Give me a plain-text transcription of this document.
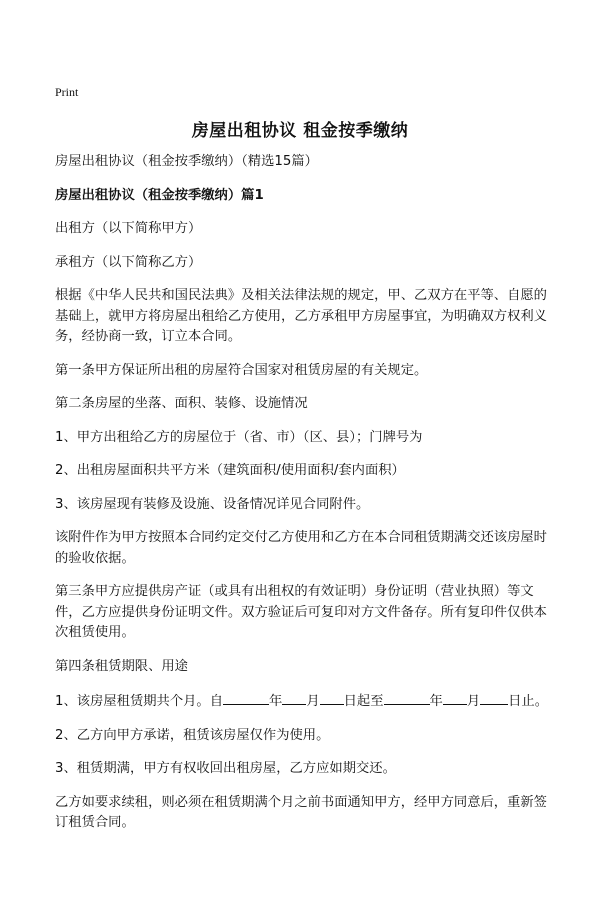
Print
房屋出租协议 租金按季缴纳

房屋出租协议（租金按季缴纳）（精选15篇）

房屋出租协议（租金按季缴纳）篇1

出租方（以下简称甲方）

承租方（以下简称乙方）

根据《中华人民共和国民法典》及相关法律法规的规定，甲、乙双方在平等、自愿的基础上，就甲方将房屋出租给乙方使用，乙方承租甲方房屋事宜，为明确双方权利义务，经协商一致，订立本合同。

第一条甲方保证所出租的房屋符合国家对租赁房屋的有关规定。

第二条房屋的坐落、面积、装修、设施情况

1、甲方出租给乙方的房屋位于（省、市）（区、县）；门牌号为

2、出租房屋面积共平方米（建筑面积/使用面积/套内面积）

3、该房屋现有装修及设施、设备情况详见合同附件。

该附件作为甲方按照本合同约定交付乙方使用和乙方在本合同租赁期满交还该房屋时的验收依据。

第三条甲方应提供房产证（或具有出租权的有效证明）身份证明（营业执照）等文件，乙方应提供身份证明文件。双方验证后可复印对方文件备存。所有复印件仅供本次租赁使用。

第四条租赁期限、用途

1、该房屋租赁期共个月。自	年 月 日起至	年 月 日止。

2、乙方向甲方承诺，租赁该房屋仅作为使用。

3、租赁期满，甲方有权收回出租房屋，乙方应如期交还。

乙方如要求续租，则必须在租赁期满个月之前书面通知甲方，经甲方同意后，重新签订租赁合同。
